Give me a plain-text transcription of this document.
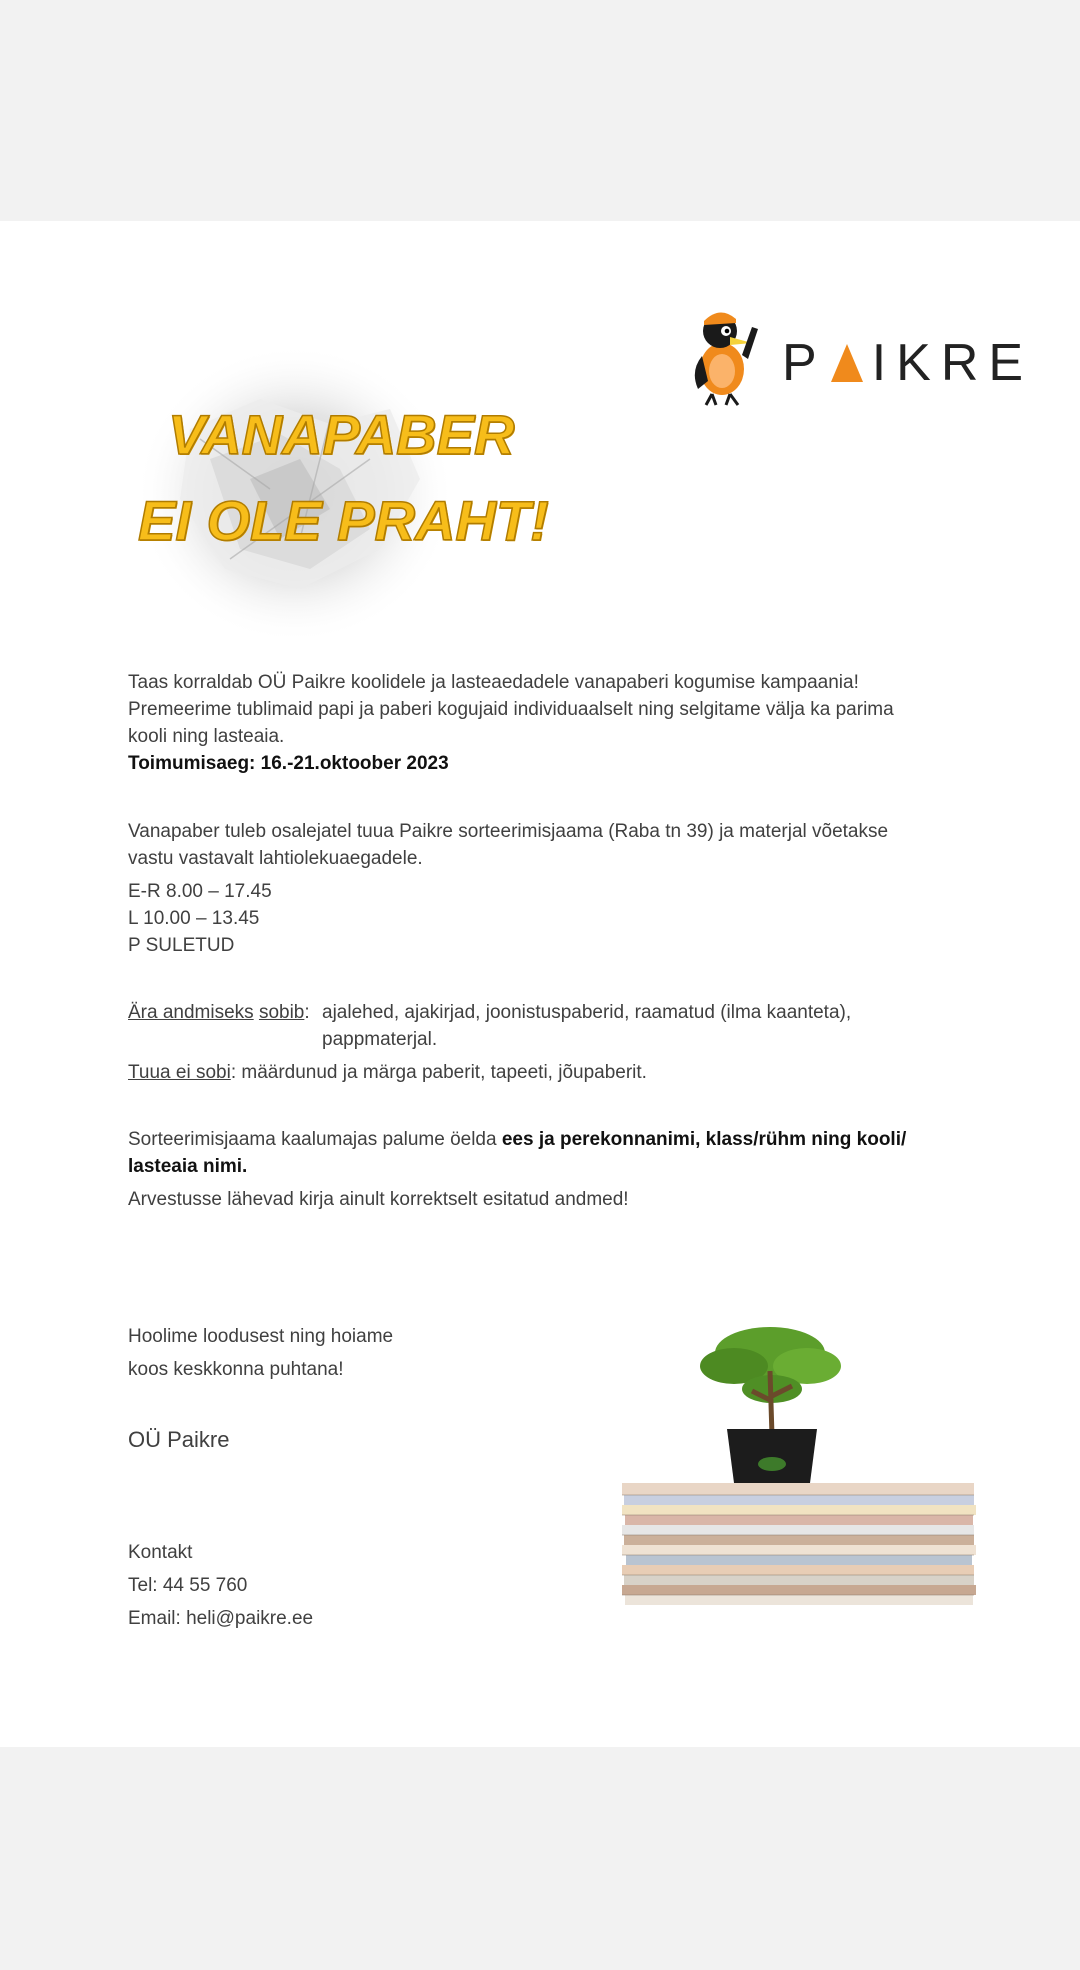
VANAPABER
EI OLE PRAHT!
P IKRE
Taas korraldab OÜ Paikre koolidele ja lasteaedadele vanapaberi kogumise kampaania!
Premeerime tublimaid papi ja paberi kogujaid individuaalselt ning selgitame välja ka parima
kooli ning lasteaia.
Toimumisaeg: 16.-21.oktoober 2023
Vanapaber tuleb osalejatel tuua Paikre sorteerimisjaama (Raba tn 39) ja materjal võetakse
vastu vastavalt lahtiolekuaegadele.
E-R 8.00 – 17.45
L 10.00 – 13.45
P SULETUD
Ära andmiseks sobib: ajalehed, ajakirjad, joonistuspaberid, raamatud (ilma kaanteta),
pappmaterjal.
Tuua ei sobi: määrdunud ja märga paberit, tapeeti, jõupaberit.
Sorteerimisjaama kaalumajas palume öelda ees ja perekonnanimi, klass/rühm ning kooli/
lasteaia nimi.
Arvestusse lähevad kirja ainult korrektselt esitatud andmed!
Hoolime loodusest ning hoiame
koos keskkonna puhtana!
OÜ Paikre
Kontakt
Tel: 44 55 760
Email: heli@paikre.ee
